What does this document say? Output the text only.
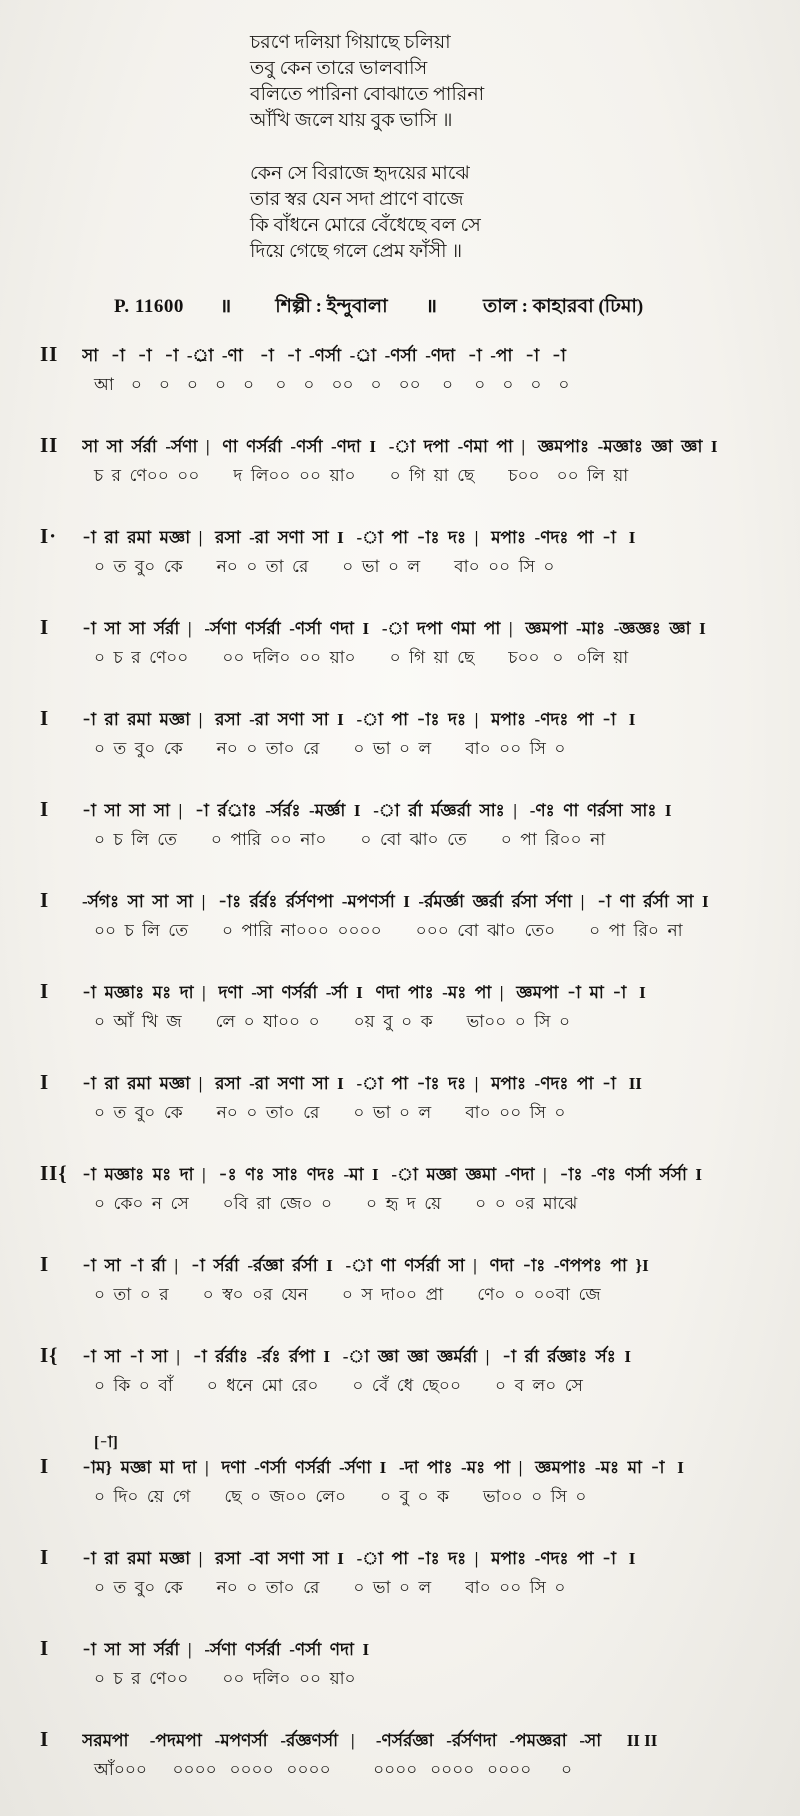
চরণে দলিয়া গিয়াছে চলিয়া
তবু কেন তারে ভালবাসি
বলিতে পারিনা বোঝাতে পারিনা
আঁখি জলে যায় বুক ভাসি ॥
কেন সে বিরাজে হৃদয়ের মাঝে
তার স্বর যেন সদা প্রাণে বাজে
কি বাঁধনে মোরে বেঁধেছে বল সে
দিয়ে গেছে গলে প্রেম ফাঁসী ॥
P. 11600 ॥ শিল্পী : ইন্দুবালা ॥ তাল : কাহারবা (ঢিমা)
II	সা   -া   -া   -া  -র্া  -ণা    -া   -া  -ণর্সা  -র্া  -ণর্সা  -ণদা   -া  -পা   -া   -া
আ    ০    ০    ০    ০    ০     ০    ০    ০০    ০    ০০     ০     ০    ০    ০    ০
II	সা  সা  র্সর্রা  -র্সণা  |   ণা  ণর্সর্রা  -ণর্সা  -ণদা  I   -া  দপা  -ণমা  পা  |   জ্ঞমপাঃ  -মজ্ঞাঃ  জ্ঞা  জ্ঞা  I
চ  র  ণে০০  ০০        দ  লি০০  ০০  য়া০        ০  গি  য়া  ছে        চ০০    ০০  লি  য়া
I·	-া  রা  রমা  মজ্ঞা  |   রসা  -রা  সণা  সা  I   -া  পা  -াঃ  দঃ  |   মপাঃ  -ণদঃ  পা  -া   I
০  ত  বু০  কে        ন০  ০  তা  রে        ০  ভা  ০  ল        বা০  ০০  সি  ০
I	-া  সা  সা  র্সর্রা  |   -র্সণা  ণর্সর্রা  -ণর্সা  ণদা  I   -া  দপা  ণমা  পা  |   জ্ঞমপা  -মাঃ  -জ্ঞজ্ঞঃ  জ্ঞা  I
০  চ  র  ণে০০        ০০  দলি০  ০০  য়া০        ০  গি  য়া  ছে        চ০০   ০   ০লি  য়া
I	-া  রা  রমা  মজ্ঞা  |   রসা  -রা  সণা  সা  I   -া  পা  -াঃ  দঃ  |   মপাঃ  -ণদঃ  পা  -া   I
০  ত  বু০  কে        ন০  ০  তা০  রে        ০  ভা  ০  ল        বা০  ০০  সি  ০
I	-া  সা  সা  সা  |   -া  র্রর্াঃ  -র্সর্রঃ  -মর্জ্ঞা  I   -া  র্রা  র্মজ্ঞর্রা  সাঃ  |   -ণঃ  ণা  ণর্রসা  সাঃ  I
০  চ  লি  তে        ০  পারি  ০০  না০        ০  বো  ঝা০  তে        ০  পা  রি০০  না
I	-র্সগঃ  সা  সা  সা  |   -াঃ  র্রর্রঃ  র্রর্সণপা  -মপণর্সা  I  -র্রমর্জ্ঞা  জ্ঞর্রা  র্রসা  র্সণা  |   -া  ণা  র্রর্সা  সা  I
০০  চ  লি  তে        ০  পারি  না০০০  ০০০০        ০০০  বো  ঝা০  তে০        ০  পা  রি০  না
I	-া  মজ্ঞাঃ  মঃ  দা  |   দণা  -সা  ণর্সর্রা  -র্সা  I   ণদা  পাঃ  -মঃ  পা  |   জ্ঞমপা  -া  মা  -া   I
০  আঁ  খি  জ        লে  ০  যা০০  ০        ০য়  বু  ০  ক        ভা০০  ০  সি  ০
I	-া  রা  রমা  মজ্ঞা  |   রসা  -রা  সণা  সা  I   -া  পা  -াঃ  দঃ  |   মপাঃ  -ণদঃ  পা  -া   II
০  ত  বু০  কে        ন০  ০  তা০  রে        ০  ভা  ০  ল        বা০  ০০  সি  ০
II{ -া  মজ্ঞাঃ  মঃ  দা  |   -ঃ  ণঃ  সাঃ  ণদঃ  -মা  I   -া  মজ্ঞা  জ্ঞমা  -ণদা  |   -াঃ  -ণঃ  ণর্সা  র্সর্সা  I
০  কে০  ন  সে        ০বি  রা  জে০  ০        ০  হৃ  দ  য়ে        ০  ০  ০র  মাঝে
I	-া  সা  -া  র্রা  |   -া  র্সর্রা  -র্রজ্ঞা  র্রর্সা  I   -া  ণা  ণর্সর্রা  সা  |   ণদা  -াঃ  -ণপপঃ  পা  }I
০  তা  ০  র        ০  স্ব০  ০র  যেন        ০  স  দা০০  প্রা        ণে০  ০  ০০বা  জে
I{	-া  সা  -া  সা  |   -া  র্রর্রাঃ  -র্রঃ  র্রপা  I   -া  জ্ঞা  জ্ঞা  জ্ঞর্মর্রা  |   -া  র্রা  র্রজ্ঞাঃ  র্সঃ  I
০  কি  ০  বাঁ        ০  ধনে  মো  রে০        ০  বেঁ  ধে  ছে০০        ০  ব  ল০  সে
[-া]
I	-াম}  মজ্ঞা  মা  দা  |   দণা  -ণর্সা  ণর্সর্রা  -র্সণা  I   -দা  পাঃ  -মঃ  পা  |   জ্ঞমপাঃ  -মঃ  মা  -া   I
০  দি০  য়ে  গে        ছে  ০  জ০০  লে০        ০  বু  ০  ক        ভা০০  ০  সি  ০
I	-া  রা  রমা  মজ্ঞা  |   রসা  -বা  সণা  সা  I   -া  পা  -াঃ  দঃ  |   মপাঃ  -ণদঃ  পা  -া   I
০  ত  বু০  কে        ন০  ০  তা০  রে        ০  ভা  ০  ল        বা০  ০০  সি  ০
I	-া  সা  সা  র্সর্রা  |   -র্সণা  ণর্সর্রা  -ণর্সা  ণদা  I
০  চ  র  ণে০০        ০০  দলি০  ০০  য়া০
I	সরমপা     -পদমপা   -মপণর্সা   -র্রজ্ঞণর্সা   |     -ণর্সর্রজ্ঞা   -র্রর্সণদা   -পমজ্ঞরা   -সা      II II
আঁ০০০      ০০০০   ০০০০   ০০০০          ০০০০   ০০০০   ০০০০       ০
